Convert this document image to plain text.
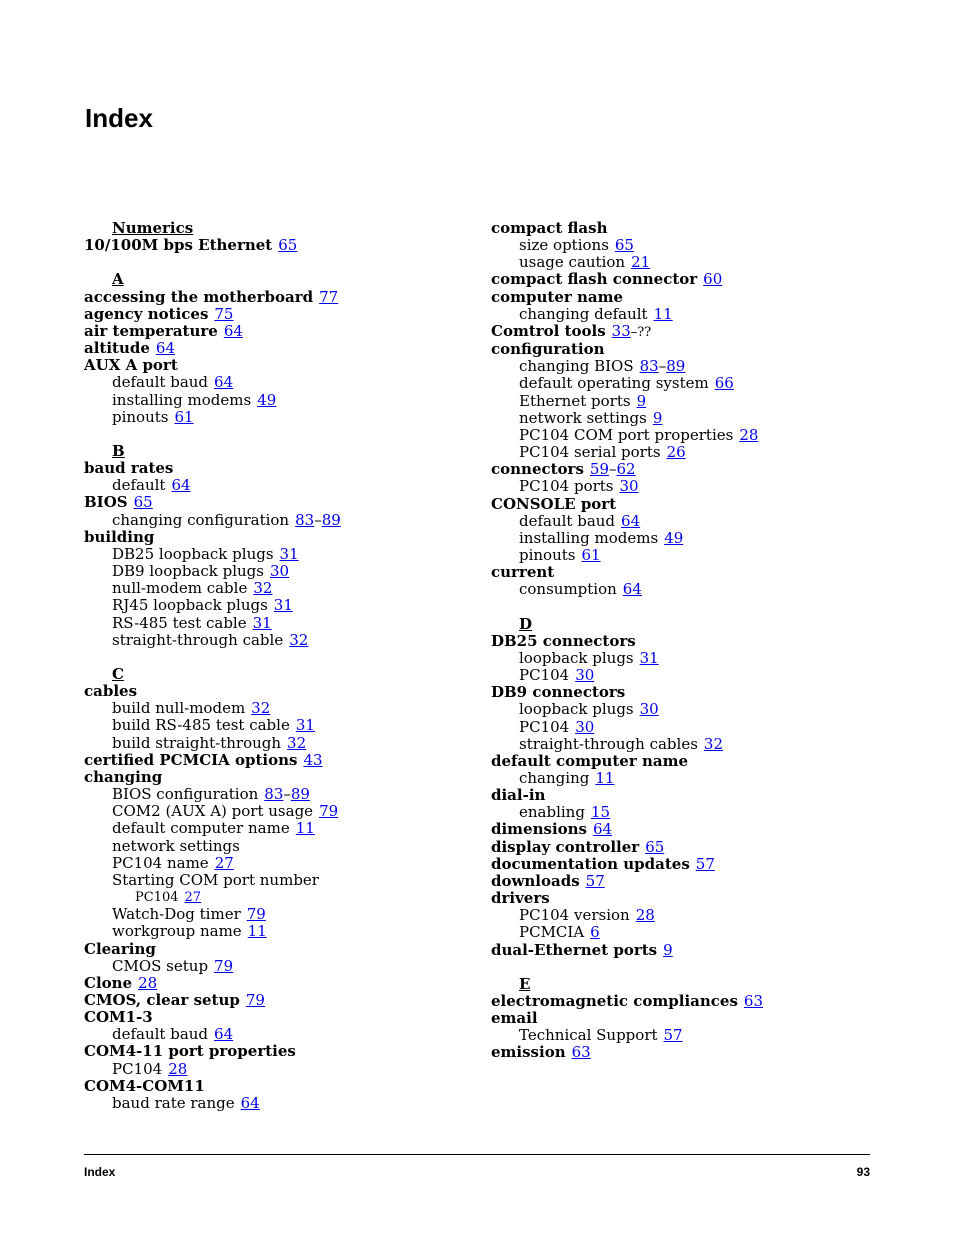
Index
Numerics
10/100M bps Ethernet 65
A
accessing the motherboard 77
agency notices 75
air temperature 64
altitude 64
AUX A port
default baud 64
installing modems 49
pinouts 61
B
baud rates
default 64
BIOS 65
changing configuration 83–89
building
DB25 loopback plugs 31
DB9 loopback plugs 30
null-modem cable 32
RJ45 loopback plugs 31
RS-485 test cable 31
straight-through cable 32
C
cables
build null-modem 32
build RS-485 test cable 31
build straight-through 32
certified PCMCIA options 43
changing
BIOS configuration 83–89
COM2 (AUX A) port usage 79
default computer name 11
network settings
PC104 name 27
Starting COM port number
PC104 27
Watch-Dog timer 79
workgroup name 11
Clearing
CMOS setup 79
Clone 28
CMOS, clear setup 79
COM1-3
default baud 64
COM4-11 port properties
PC104 28
COM4-COM11
baud rate range 64
compact flash
size options 65
usage caution 21
compact flash connector 60
computer name
changing default 11
Comtrol tools 33–??
configuration
changing BIOS 83–89
default operating system 66
Ethernet ports 9
network settings 9
PC104 COM port properties 28
PC104 serial ports 26
connectors 59–62
PC104 ports 30
CONSOLE port
default baud 64
installing modems 49
pinouts 61
current
consumption 64
D
DB25 connectors
loopback plugs 31
PC104 30
DB9 connectors
loopback plugs 30
PC104 30
straight-through cables 32
default computer name
changing 11
dial-in
enabling 15
dimensions 64
display controller 65
documentation updates 57
downloads 57
drivers
PC104 version 28
PCMCIA 6
dual-Ethernet ports 9
E
electromagnetic compliances 63
email
Technical Support 57
emission 63
Index	93
